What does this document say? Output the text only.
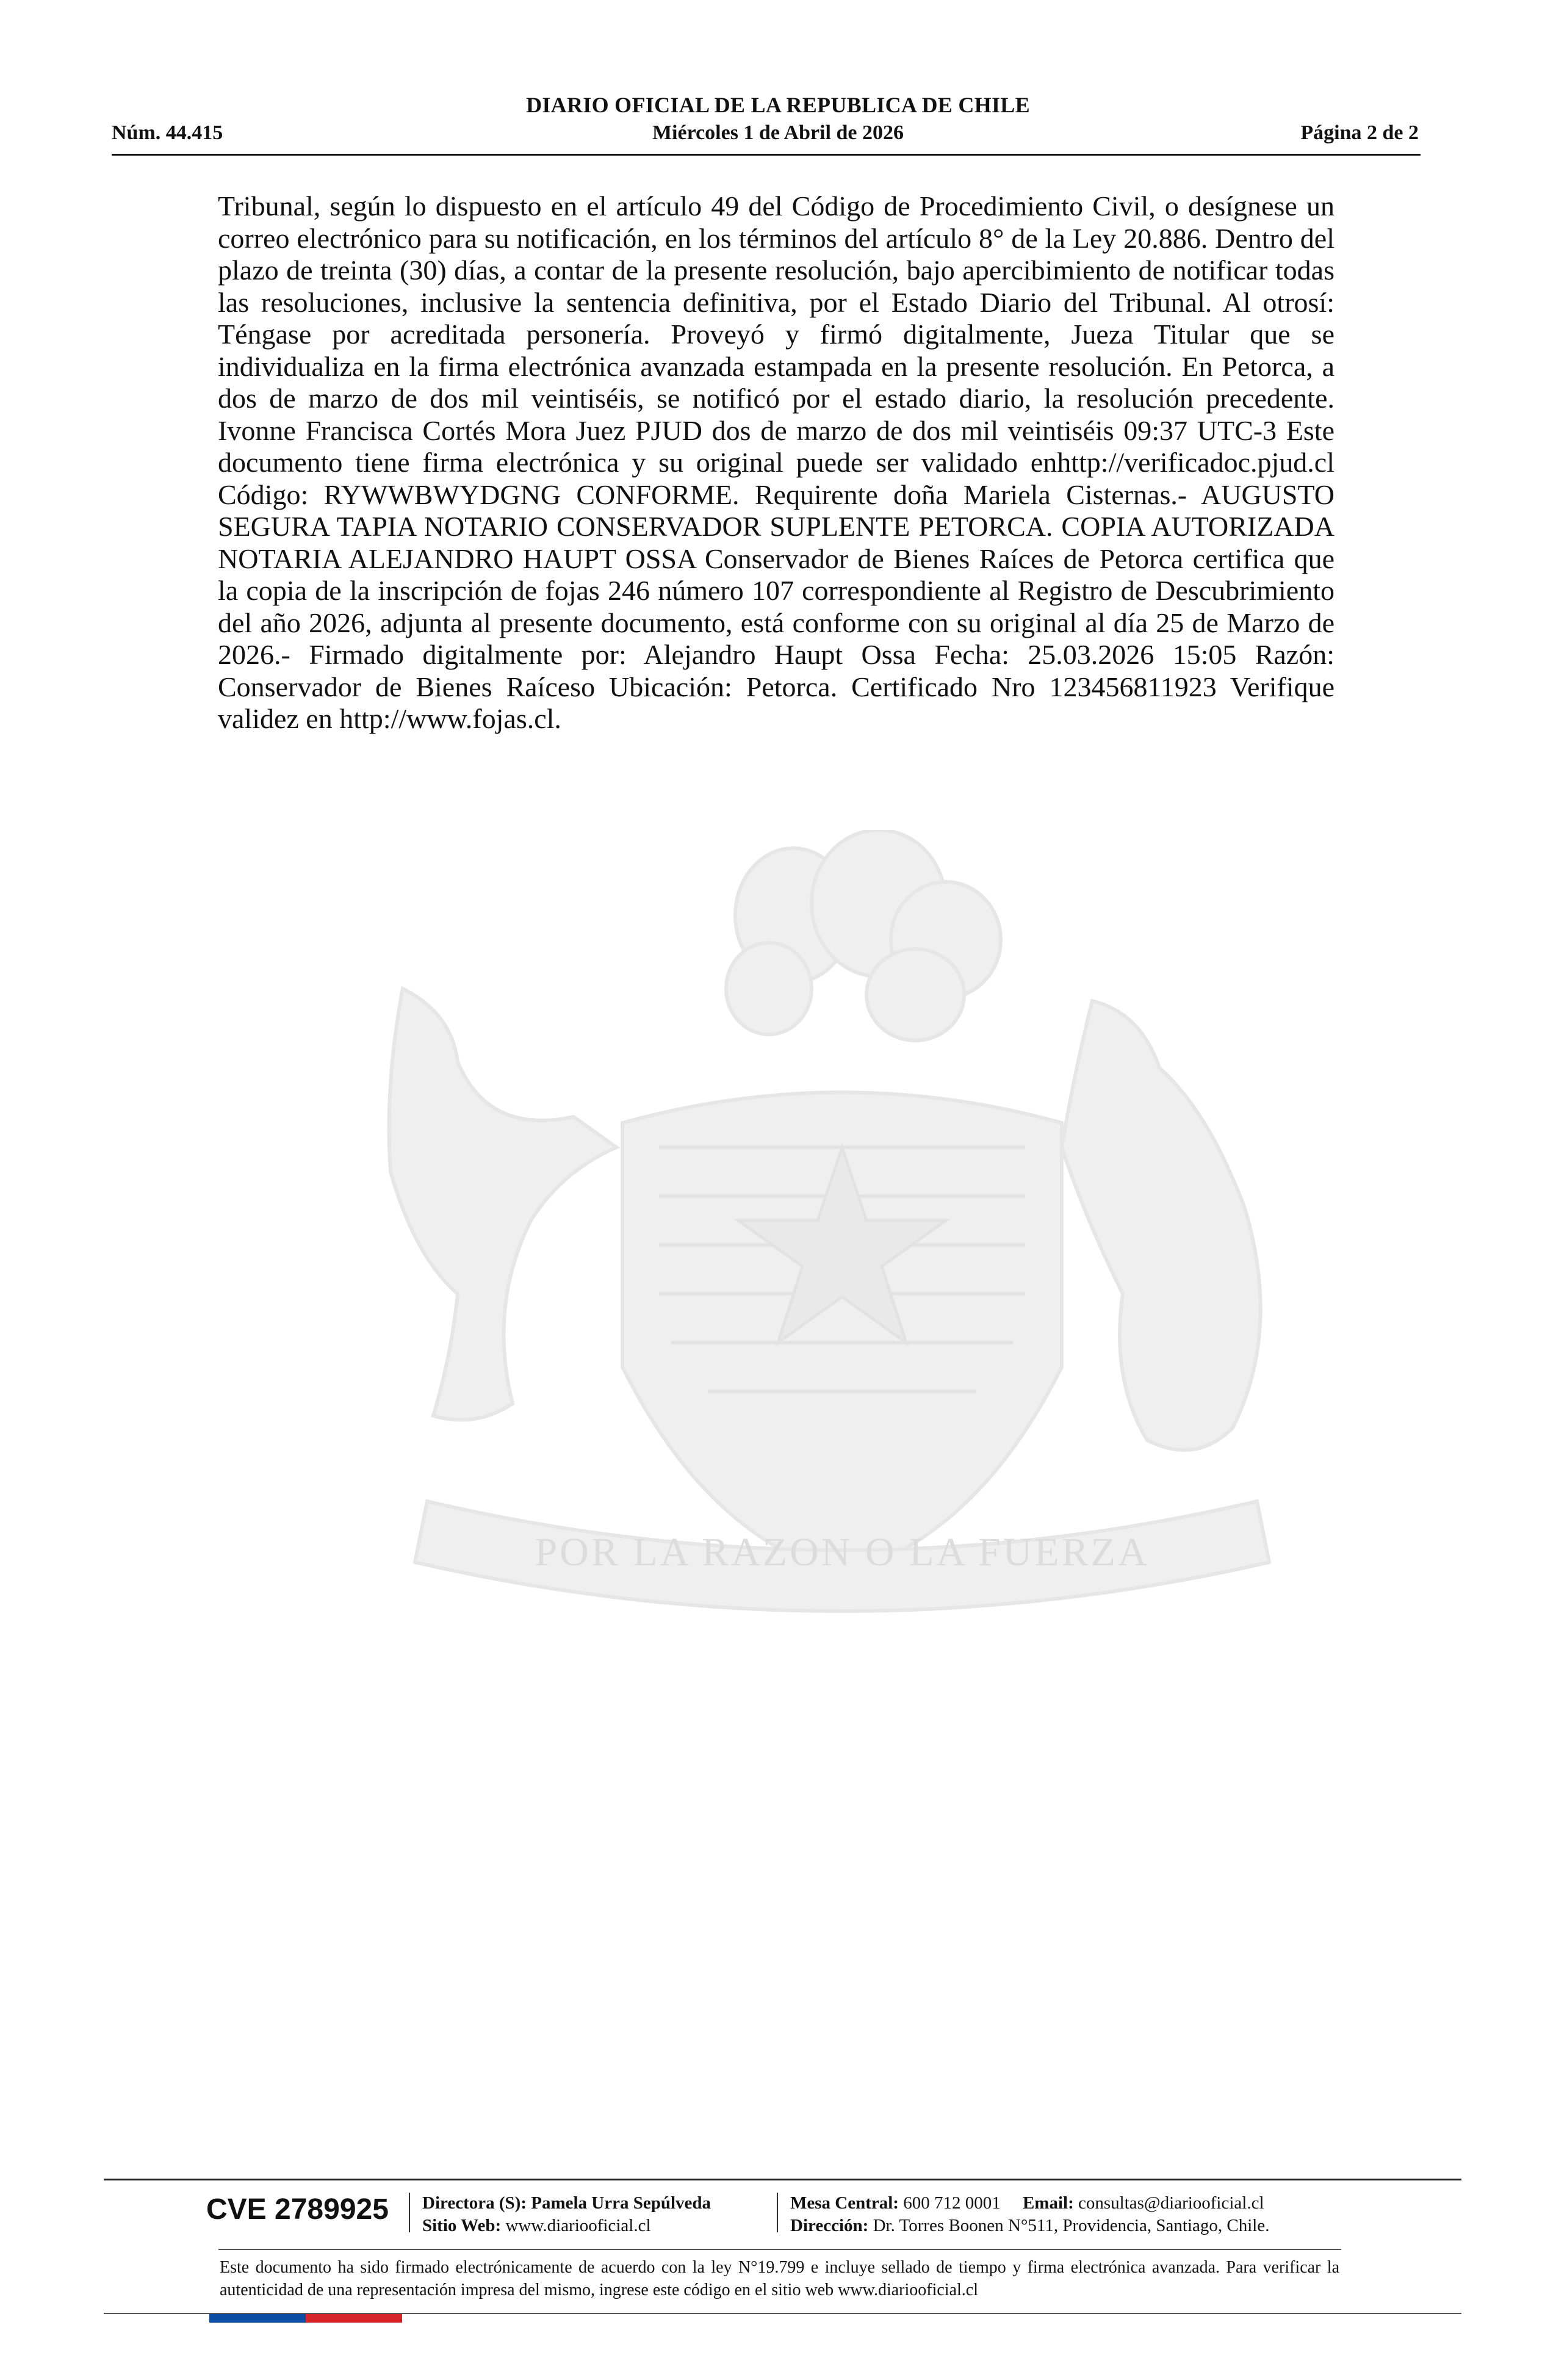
DIARIO OFICIAL DE LA REPUBLICA DE CHILE
Núm. 44.415	Miércoles 1 de Abril de 2026	Página 2 de 2
POR LA RAZON O LA FUERZA

Tribunal, según lo dispuesto en el artículo 49 del Código de Procedimiento Civil, o desígnese un correo electrónico para su notificación, en los términos del artículo 8° de la Ley 20.886. Dentro del plazo de treinta (30) días, a contar de la presente resolución, bajo apercibimiento de notificar todas las resoluciones, inclusive la sentencia definitiva, por el Estado Diario del Tribunal. Al otrosí: Téngase por acreditada personería. Proveyó y firmó digitalmente, Jueza Titular que se individualiza en la firma electrónica avanzada estampada en la presente resolución. En Petorca, a dos de marzo de dos mil veintiséis, se notificó por el estado diario, la resolución precedente. Ivonne Francisca Cortés Mora Juez PJUD dos de marzo de dos mil veintiséis 09:37 UTC-3 Este documento tiene firma electrónica y su original puede ser validado enhttp://verificadoc.pjud.cl Código: RYWWBWYDGNG CONFORME. Requirente doña Mariela Cisternas.- AUGUSTO SEGURA TAPIA NOTARIO CONSERVADOR SUPLENTE PETORCA. COPIA AUTORIZADA NOTARIA ALEJANDRO HAUPT OSSA Conservador de Bienes Raíces de Petorca certifica que la copia de la inscripción de fojas 246 número 107 correspondiente al Registro de Descubrimiento del año 2026, adjunta al presente documento, está conforme con su original al día 25 de Marzo de 2026.- Firmado digitalmente por: Alejandro Haupt Ossa Fecha: 25.03.2026 15:05 Razón: Conservador de Bienes Raíceso Ubicación: Petorca. Certificado Nro 123456811923 Verifique validez en http://www.fojas.cl.

CVE 2789925 Directora (S): Pamela Urra Sepúlveda
Sitio Web: www.diariooficial.cl
Mesa Central: 600 712 0001 Email: consultas@diariooficial.cl
Dirección: Dr. Torres Boonen N°511, Providencia, Santiago, Chile.

Este documento ha sido firmado electrónicamente de acuerdo con la ley N°19.799 e incluye sellado de tiempo y firma electrónica avanzada. Para verificar la autenticidad de una representación impresa del mismo, ingrese este código en el sitio web www.diariooficial.cl
